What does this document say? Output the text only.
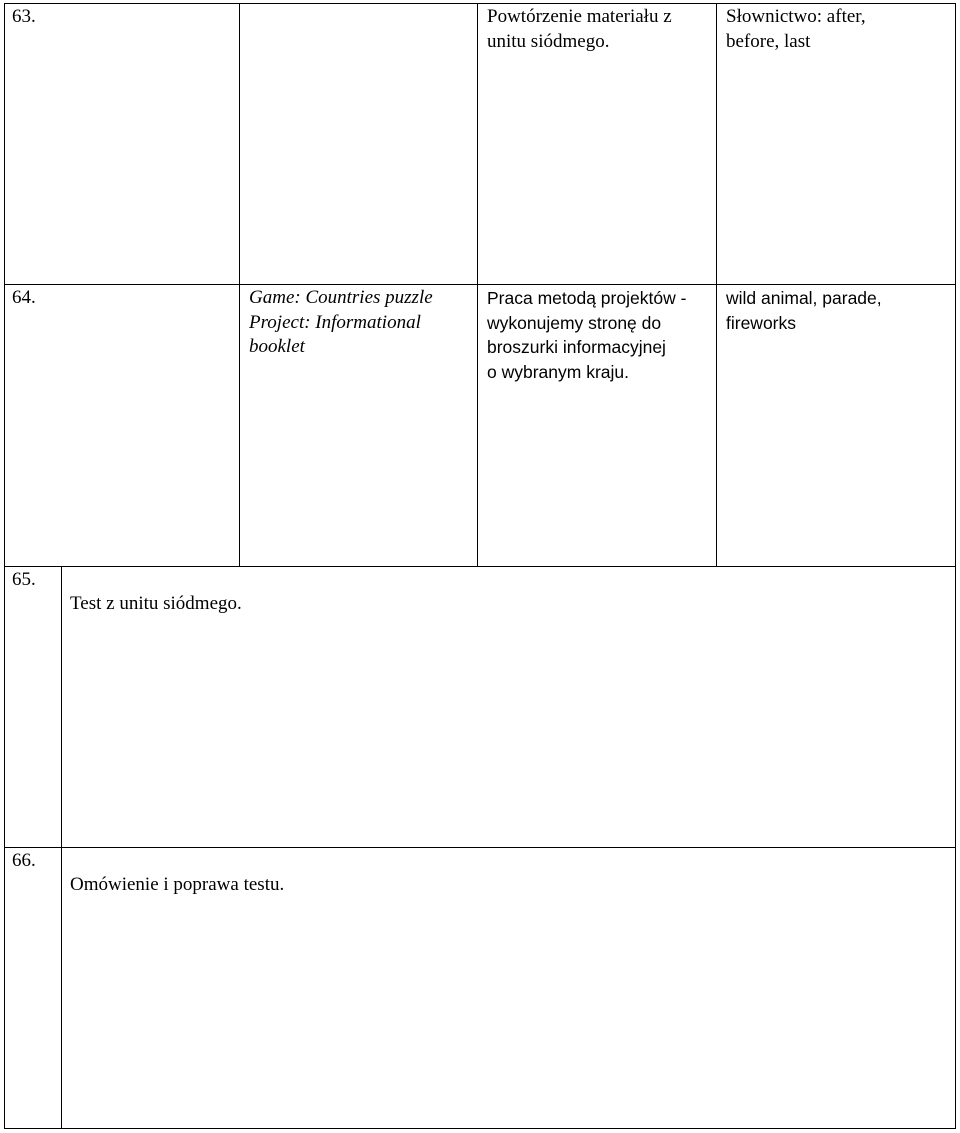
63.	Powtórzenie materiału z
unitu siódmego.
Słownictwo: after,
before, last
64.	Game: Countries puzzle
Project: Informational
booklet
Praca metodą projektów -
wykonujemy stronę do
broszurki informacyjnej
o wybranym kraju.
wild animal, parade,
fireworks
65.
Test z unitu siódmego.
66.
Omówienie i poprawa testu.
